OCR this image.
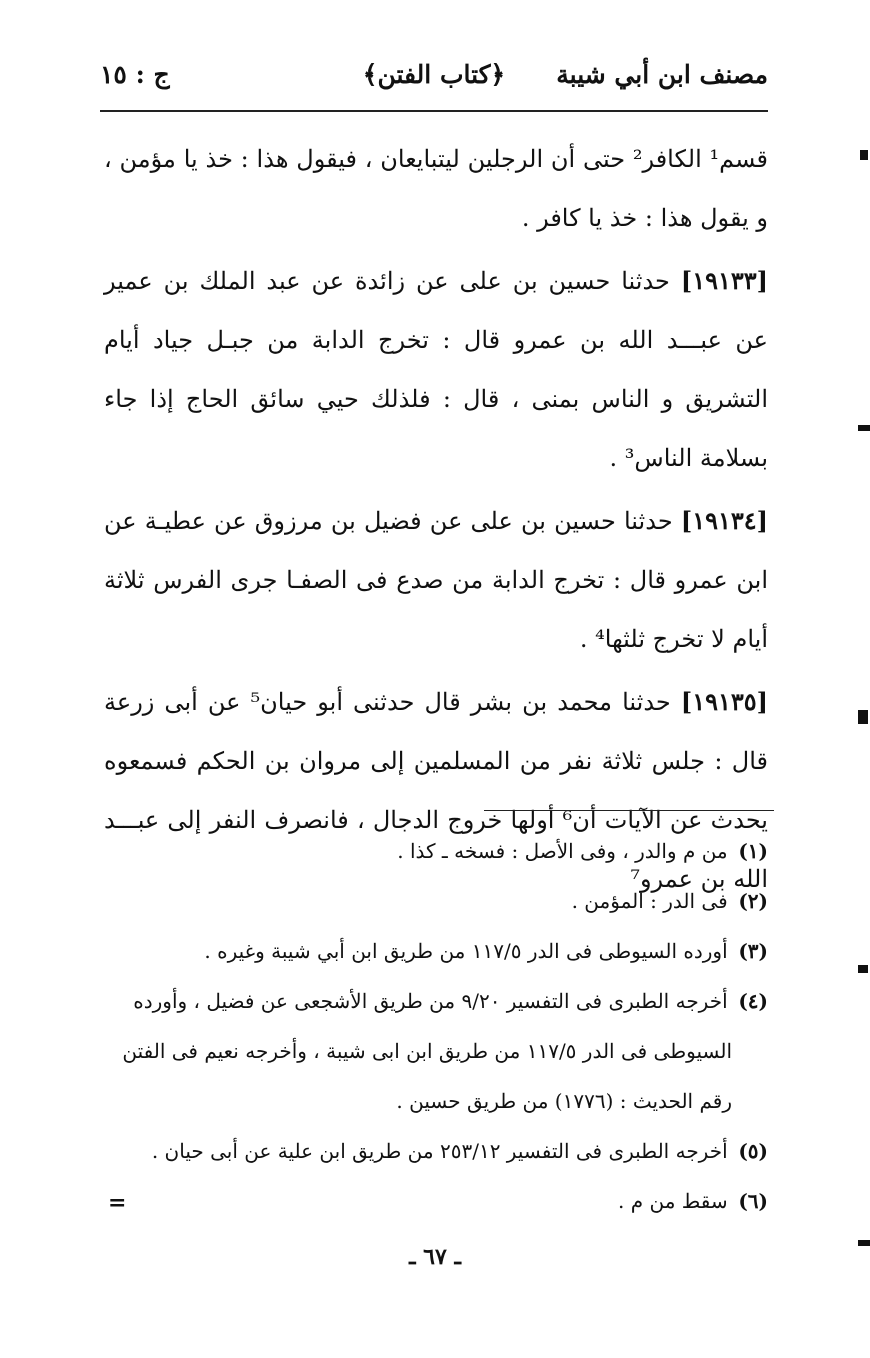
مصنف ابن أبي شيبة
﴿كتاب الفتن﴾
ج : ١٥

قسم¹ الكافر² حتى أن الرجلين ليتبايعان ، فيقول هذا : خذ يا مؤمن ، و يقول هذا : خذ يا كافر .

[١٩١٣٣] حدثنا حسين بن على عن زائدة عن عبد الملك بن عمير عن عبـــد الله بن عمرو قال : تخرج الدابة من جبـل جياد أيام التشريق و الناس بمنى ، قال : فلذلك حيي سائق الحاج إذا جاء بسلامة الناس³ .

[١٩١٣٤] حدثنا حسين بن على عن فضيل بن مرزوق عن عطيـة عن ابن عمرو قال : تخرج الدابة من صدع فى الصفـا جرى الفرس ثلاثة أيام لا تخرج ثلثها⁴ .

[١٩١٣٥] حدثنا محمد بن بشر قال حدثنى أبو حيان⁵ عن أبى زرعة قال : جلس ثلاثة نفر من المسلمين إلى مروان بن الحكم فسمعوه يحدث عن الآيات أن⁶ أولها خروج الدجال ، فانصرف النفر إلى عبـــد الله بن عمرو⁷

(١) من م والدر ، وفى الأصل : فسخه ـ كذا .

(٢) فى الدر : المؤمن .

(٣) أورده السيوطى فى الدر ١١٧/٥ من طريق ابن أبي شيبة وغيره .

(٤) أخرجه الطبرى فى التفسير ٩/٢٠ من طريق الأشجعى عن فضيل ، وأورده السيوطى فى الدر ١١٧/٥ من طريق ابن ابى شيبة ، وأخرجه نعيم فى الفتن رقم الحديث : (١٧٧٦) من طريق حسين .

(٥) أخرجه الطبرى فى التفسير ٢٥٣/١٢ من طريق ابن علية عن أبى حيان .

(٦) سقط من م .

=
ـ ٦٧ ـ
